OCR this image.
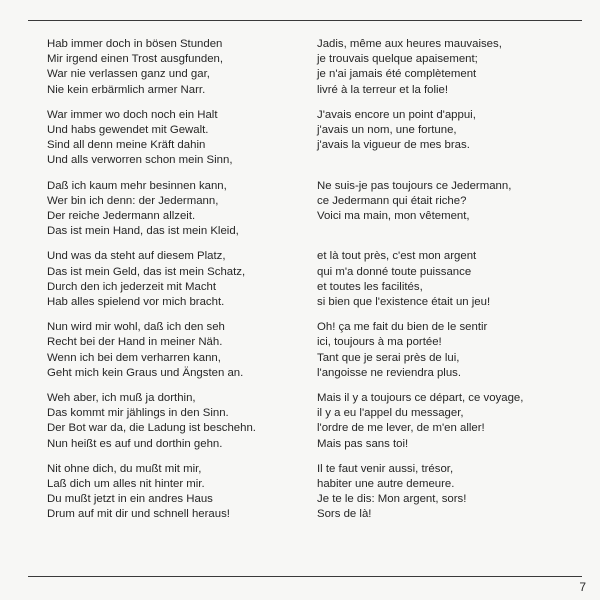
Hab immer doch in bösen Stunden
Mir irgend einen Trost ausgfunden,
War nie verlassen ganz und gar,
Nie kein erbärmlich armer Narr.
War immer wo doch noch ein Halt
Und habs gewendet mit Gewalt.
Sind all denn meine Kräft dahin
Und alls verworren schon mein Sinn,
Daß ich kaum mehr besinnen kann,
Wer bin ich denn: der Jedermann,
Der reiche Jedermann allzeit.
Das ist mein Hand, das ist mein Kleid,
Und was da steht auf diesem Platz,
Das ist mein Geld, das ist mein Schatz,
Durch den ich jederzeit mit Macht
Hab alles spielend vor mich bracht.
Nun wird mir wohl, daß ich den seh
Recht bei der Hand in meiner Näh.
Wenn ich bei dem verharren kann,
Geht mich kein Graus und Ängsten an.
Weh aber, ich muß ja dorthin,
Das kommt mir jählings in den Sinn.
Der Bot war da, die Ladung ist beschehn.
Nun heißt es auf und dorthin gehn.
Nit ohne dich, du mußt mit mir,
Laß dich um alles nit hinter mir.
Du mußt jetzt in ein andres Haus
Drum auf mit dir und schnell heraus!
Jadis, même aux heures mauvaises,
je trouvais quelque apaisement;
je n'ai jamais été complètement
livré à la terreur et la folie!
J'avais encore un point d'appui,
j'avais un nom, une fortune,
j'avais la vigueur de mes bras.
Ne suis-je pas toujours ce Jedermann,
ce Jedermann qui était riche?
Voici ma main, mon vêtement,
et là tout près, c'est mon argent
qui m'a donné toute puissance
et toutes les facilités,
si bien que l'existence était un jeu!
Oh! ça me fait du bien de le sentir
ici, toujours à ma portée!
Tant que je serai près de lui,
l'angoisse ne reviendra plus.
Mais il y a toujours ce départ, ce voyage,
il y a eu l'appel du messager,
l'ordre de me lever, de m'en aller!
Mais pas sans toi!
Il te faut venir aussi, trésor,
habiter une autre demeure.
Je te le dis: Mon argent, sors!
Sors de là!
7
